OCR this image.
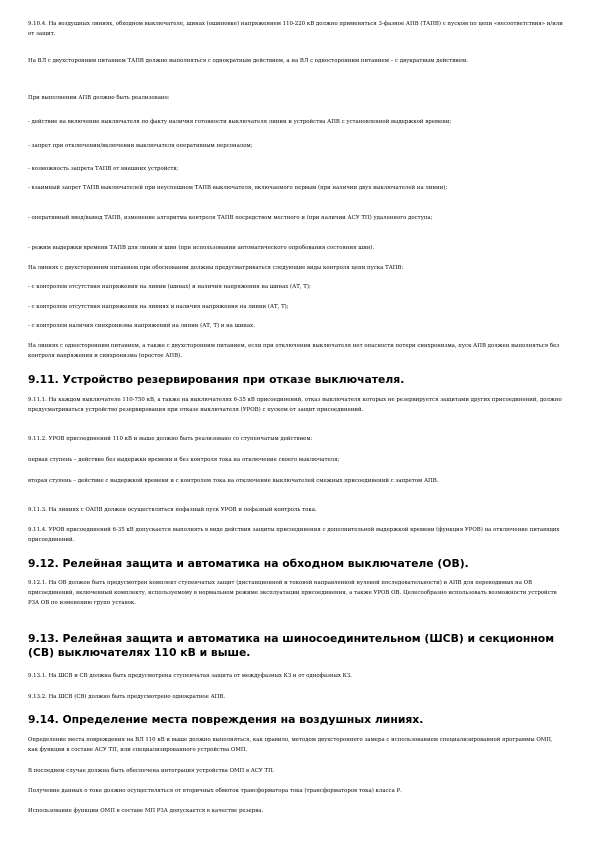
9.10.4. На воздушных линиях, обходном выключателе, шинах (ошиновке) напряжением 110-220 кВ должно применяться 3-фазное АПВ (ТАПВ) с пуском по цепи «несоответствия» и/или от защит.

На ВЛ с двухсторонним питанием ТАПВ должно выполняться с однократным действием, а на ВЛ с односторонним питанием – с двукратным действием.

При выполнении АПВ должно быть реализовано:

- действие на включение выключателя по факту наличия готовности выключателя линии и устройства АПВ с установленной выдержкой времени;

- запрет при отключении/включении выключателя оперативным персоналом;

- возможность запрета ТАПВ от внешних устройств;

- взаимный запрет ТАПВ выключателей при неуспешном ТАПВ выключателя, включаемого первым (при наличии двух выключателей на линии);

- оперативный ввод/вывод ТАПВ, изменение алгоритма контроля ТАПВ посредством местного и (при наличии АСУ ТП) удаленного доступа;

- режим выдержки времени ТАПВ для линии и шин (при использовании автоматического опробования состояния шин).

На линиях с двухсторонним питанием при обосновании должны предусматриваться следующие виды контроля цепи пуска ТАПВ:

- с контролем отсутствия напряжения на линии (шинах) и наличия напряжения на шинах (АТ, Т);

- с контролем отсутствия напряжения на линиях и наличия напряжения на линии (АТ, Т);

- с контролем наличия синхронизма напряжений на линии (АТ, Т) и на шинах.

На линиях с односторонним питанием, а также с двухсторонним питанием, если при отключении выключателя нет опасности потери синхронизма, пуск АПВ должен выполняться без контроля напряжения и синхронизма (простое АПВ).

9.11. Устройство резервирования при отказе выключателя.

9.11.1. На каждом выключателе 110-750 кВ, а также на выключателях 6-35 кВ присоединений, отказ выключателя которых не резервируется защитами других присоединений, должно предусматриваться устройство резервирования при отказе выключателя (УРОВ) с пуском от защит присоединений.

9.11.2. УРОВ присоединений 110 кВ и выше должно быть реализовано со ступенчатым действием:

первая ступень – действие без выдержки времени и без контроля тока на отключение своего выключателя;

вторая ступень – действие с выдержкой времени и с контролем тока на отключение выключателей смежных присоединений с запретом АПВ.

9.11.3. На линиях с ОАПВ должен осуществляться пофазный пуск УРОВ и пофазный контроль тока.

9.11.4. УРОВ присоединений 6-35 кВ допускается выполнять в виде действия защиты присоединения с дополнительной выдержкой времени (функция УРОВ) на отключение питающих присоединений.

9.12. Релейная защита и автоматика на обходном выключателе (ОВ).

9.12.1. На ОВ должен быть предусмотрен комплект ступенчатых защит (дистанционной и токовой направленной нулевой последовательности) и АПВ для переводимых на ОВ присоединений, включенный комплекту, используемому в нормальном режиме эксплуатации присоединения, а также УРОВ ОВ. Целесообразно использовать возможности устройств РЗА ОВ по изменению групп уставок.

9.13. Релейная защита и автоматика на шиносоединительном (ШСВ) и секционном (СВ) выключателях 110 кВ и выше.

9.13.1. На ШСВ и СВ должна быть предусмотрена ступенчатая защита от междуфазных КЗ и от однофазных КЗ.

9.13.2. На ШСВ (СВ) должно быть предусмотрено однократное АПВ.

9.14. Определение места повреждения на воздушных линиях.

Определение места повреждения на ВЛ 110 кВ и выше должно выполняться, как правило, методом двухстороннего замера с использованием специализированной программы ОМП, как функции в составе АСУ ТП, или специализированного устройства ОМП.

В последнем случае должна быть обеспечена интеграция устройства ОМП в АСУ ТП.

Получение данных о токе должно осуществляться от вторичных обмоток трансформатора тока (трансформаторов тока) класса Р.

Использование функции ОМП в составе МП РЗА допускается в качестве резерва.
